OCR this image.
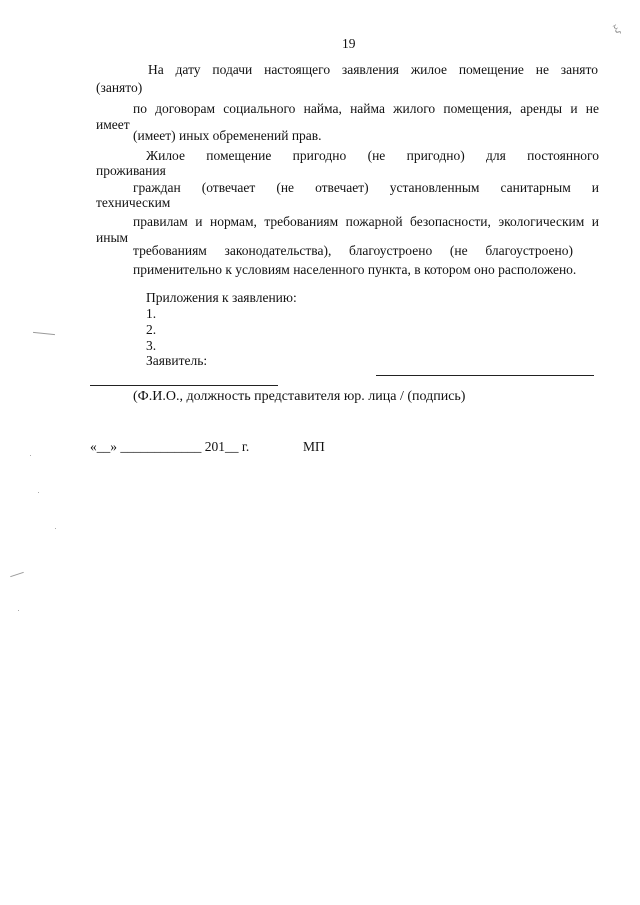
19
ξ
На дату подачи настоящего заявления жилое помещение не занято
(занято)
по договорам социального найма, найма жилого помещения, аренды и не
имеет
(имеет) иных обременений прав.
Жилое помещение пригодно (не пригодно) для постоянного
проживания
граждан (отвечает (не отвечает) установленным санитарным и
техническим
правилам и нормам, требованиям пожарной безопасности, экологическим и
иным
требованиям законодательства), благоустроено (не благоустроено)
применительно к условиям населенного пункта, в котором оно расположено.
Приложения к заявлению:
1.
2.
3.
Заявитель:
(Ф.И.О., должность представителя юр. лица / (подпись)
«__» ____________ 201__ г.	МП
